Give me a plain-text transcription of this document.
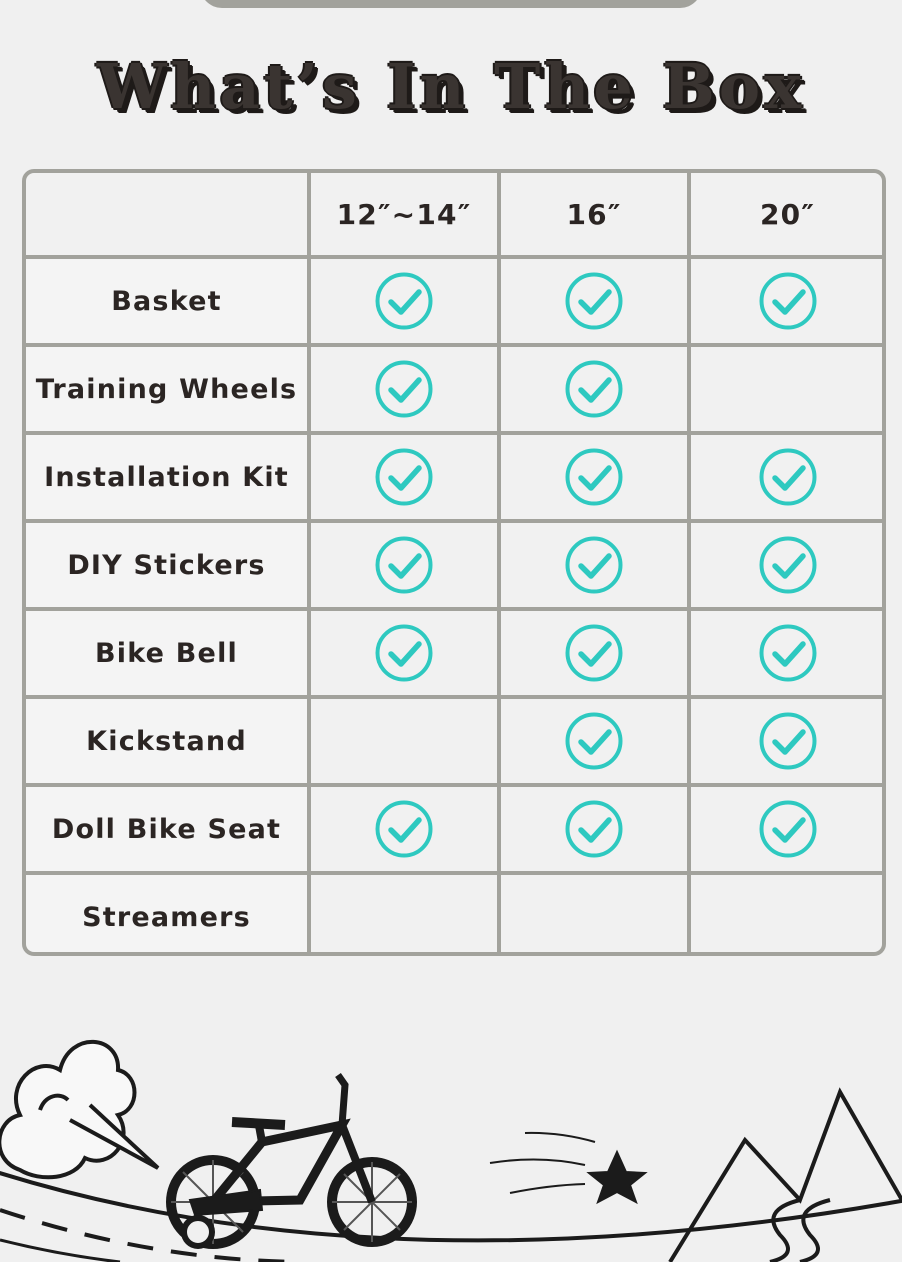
What’s In The Box
12″~14″	16″	20″
Basket
Training Wheels
Installation Kit
DIY Stickers
Bike Bell
Kickstand
Doll Bike Seat
Streamers
